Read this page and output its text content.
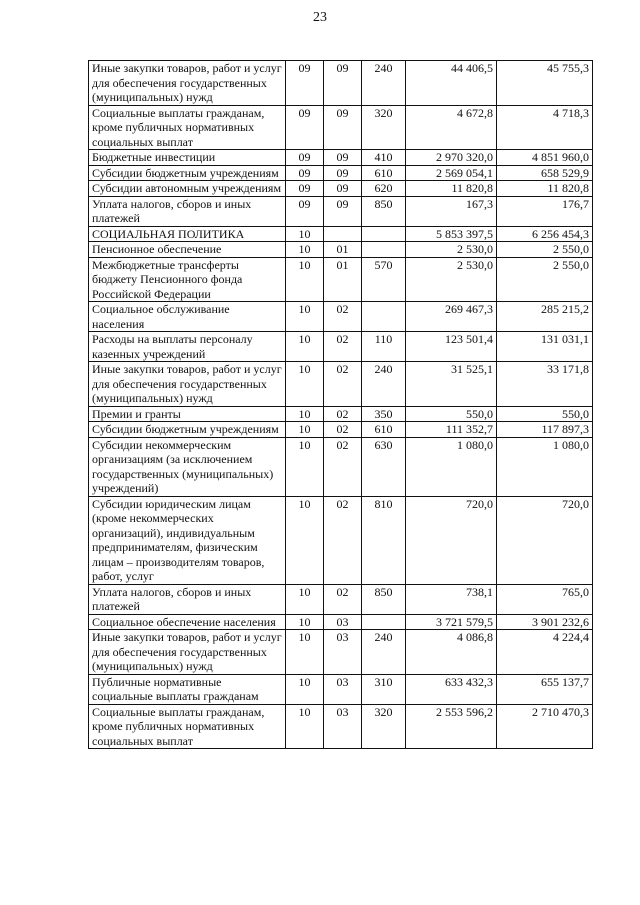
23
Иные закупки товаров, работ и услуг для обеспечения государственных (муниципальных) нужд	09	09	240	44 406,5	45 755,3
Социальные выплаты гражданам, кроме публичных нормативных социальных выплат	09	09	320	4 672,8	4 718,3
Бюджетные инвестиции	09	09	410	2 970 320,0	4 851 960,0
Субсидии бюджетным учреждениям	09	09	610	2 569 054,1	658 529,9
Субсидии автономным учреждениям	09	09	620	11 820,8	11 820,8
Уплата налогов, сборов и иных платежей	09	09	850	167,3	176,7
СОЦИАЛЬНАЯ ПОЛИТИКА	10			5 853 397,5	6 256 454,3
Пенсионное обеспечение	10	01		2 530,0	2 550,0
Межбюджетные трансферты бюджету Пенсионного фонда Российской Федерации	10	01	570	2 530,0	2 550,0
Социальное обслуживание населения	10	02		269 467,3	285 215,2
Расходы на выплаты персоналу казенных учреждений	10	02	110	123 501,4	131 031,1
Иные закупки товаров, работ и услуг для обеспечения государственных (муниципальных) нужд	10	02	240	31 525,1	33 171,8
Премии и гранты	10	02	350	550,0	550,0
Субсидии бюджетным учреждениям	10	02	610	111 352,7	117 897,3
Субсидии некоммерческим организациям (за исключением государственных (муниципальных) учреждений)	10	02	630	1 080,0	1 080,0
Субсидии юридическим лицам (кроме некоммерческих организаций), индивидуальным предпринимателям, физическим лицам – производителям товаров, работ, услуг	10	02	810	720,0	720,0
Уплата налогов, сборов и иных платежей	10	02	850	738,1	765,0
Социальное обеспечение населения	10	03		3 721 579,5	3 901 232,6
Иные закупки товаров, работ и услуг для обеспечения государственных (муниципальных) нужд	10	03	240	4 086,8	4 224,4
Публичные нормативные социальные выплаты гражданам	10	03	310	633 432,3	655 137,7
Социальные выплаты гражданам, кроме публичных нормативных социальных выплат	10	03	320	2 553 596,2	2 710 470,3
